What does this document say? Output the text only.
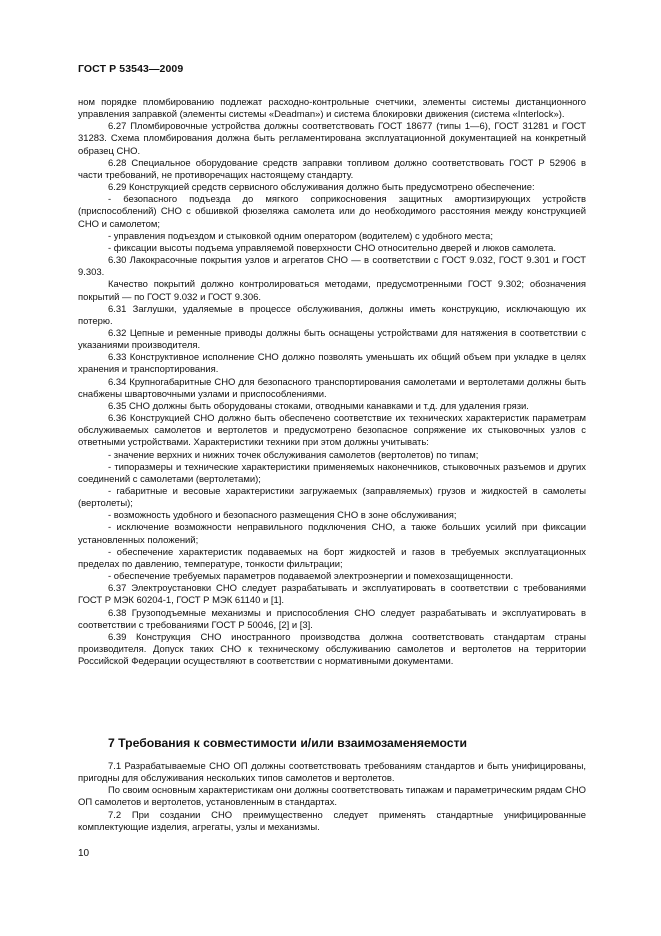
ГОСТ Р 53543—2009

ном порядке пломбированию подлежат расходно-контрольные счетчики, элементы системы дистанционного управления заправкой (элементы системы «Deadman») и система блокировки движения (система «Interlock»).

6.27 Пломбировочные устройства должны соответствовать ГОСТ 18677 (типы 1—6), ГОСТ 31281 и ГОСТ 31283. Схема пломбирования должна быть регламентирована эксплуатационной документацией на конкретный образец СНО.

6.28 Специальное оборудование средств заправки топливом должно соответствовать ГОСТ Р 52906 в части требований, не противоречащих настоящему стандарту.

6.29 Конструкцией средств сервисного обслуживания должно быть предусмотрено обеспечение:

- безопасного подъезда до мягкого соприкосновения защитных амортизирующих устройств (приспособлений) СНО с обшивкой фюзеляжа самолета или до необходимого расстояния между конструкцией СНО и самолетом;

- управления подъездом и стыковкой одним оператором (водителем) с удобного места;

- фиксации высоты подъема управляемой поверхности СНО относительно дверей и люков самолета.

6.30 Лакокрасочные покрытия узлов и агрегатов СНО — в соответствии с ГОСТ 9.032, ГОСТ 9.301 и ГОСТ 9.303.

Качество покрытий должно контролироваться методами, предусмотренными ГОСТ 9.302; обозначения покрытий — по ГОСТ 9.032 и ГОСТ 9.306.

6.31 Заглушки, удаляемые в процессе обслуживания, должны иметь конструкцию, исключающую их потерю.

6.32 Цепные и ременные приводы должны быть оснащены устройствами для натяжения в соответствии с указаниями производителя.

6.33 Конструктивное исполнение СНО должно позволять уменьшать их общий объем при укладке в целях хранения и транспортирования.

6.34 Крупногабаритные СНО для безопасного транспортирования самолетами и вертолетами должны быть снабжены швартовочными узлами и приспособлениями.

6.35 СНО должны быть оборудованы стоками, отводными канавками и т.д. для удаления грязи.

6.36 Конструкцией СНО должно быть обеспечено соответствие их технических характеристик параметрам обслуживаемых самолетов и вертолетов и предусмотрено безопасное сопряжение их стыковочных узлов с ответными устройствами. Характеристики техники при этом должны учитывать:

- значение верхних и нижних точек обслуживания самолетов (вертолетов) по типам;

- типоразмеры и технические характеристики применяемых наконечников, стыковочных разъемов и других соединений с самолетами (вертолетами);

- габаритные и весовые характеристики загружаемых (заправляемых) грузов и жидкостей в самолеты (вертолеты);

- возможность удобного и безопасного размещения СНО в зоне обслуживания;

- исключение возможности неправильного подключения СНО, а также больших усилий при фиксации установленных положений;

- обеспечение характеристик подаваемых на борт жидкостей и газов в требуемых эксплуатационных пределах по давлению, температуре, тонкости фильтрации;

- обеспечение требуемых параметров подаваемой электроэнергии и помехозащищенности.

6.37 Электроустановки СНО следует разрабатывать и эксплуатировать в соответствии с требованиями ГОСТ Р МЭК 60204-1, ГОСТ Р МЭК 61140 и [1].

6.38 Грузоподъемные механизмы и приспособления СНО следует разрабатывать и эксплуатировать в соответствии с требованиями ГОСТ Р 50046, [2] и [3].

6.39 Конструкция СНО иностранного производства должна соответствовать стандартам страны производителя. Допуск таких СНО к техническому обслуживанию самолетов и вертолетов на территории Российской Федерации осуществляют в соответствии с нормативными документами.

7 Требования к совместимости и/или взаимозаменяемости

7.1 Разрабатываемые СНО ОП должны соответствовать требованиям стандартов и быть унифицированы, пригодны для обслуживания нескольких типов самолетов и вертолетов.

По своим основным характеристикам они должны соответствовать типажам и параметрическим рядам СНО ОП самолетов и вертолетов, установленным в стандартах.

7.2 При создании СНО преимущественно следует применять стандартные унифицированные комплектующие изделия, агрегаты, узлы и механизмы.

10
